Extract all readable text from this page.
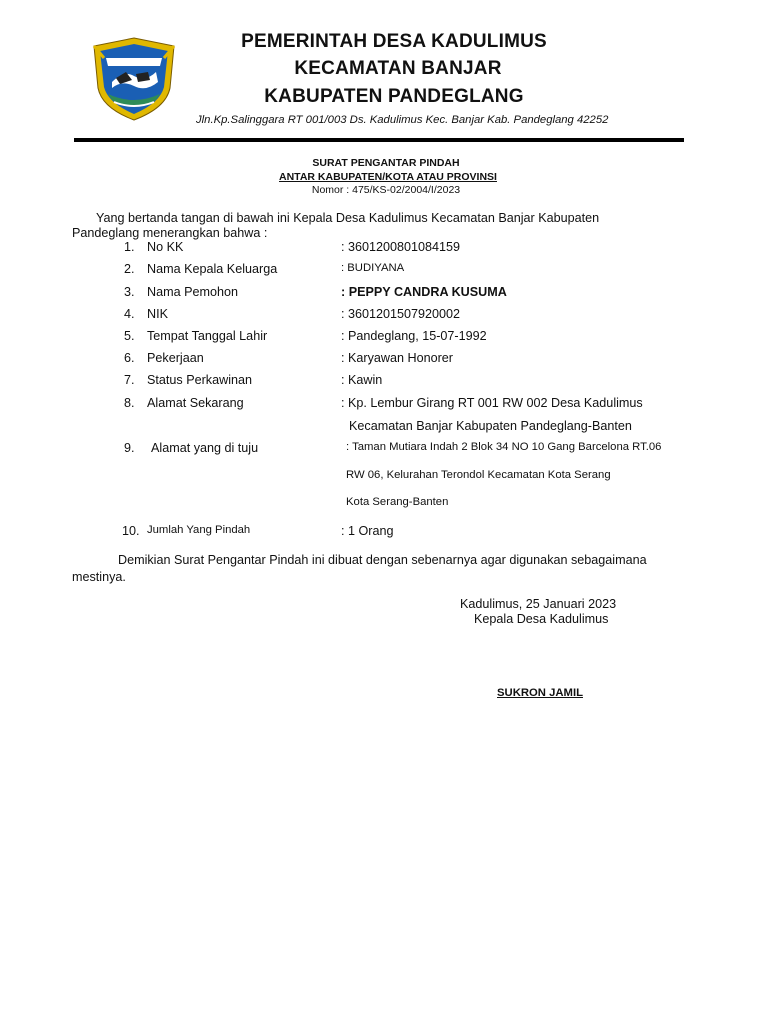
PEMERINTAH DESA KADULIMUS
KECAMATAN BANJAR
KABUPATEN PANDEGLANG
Jln.Kp.Salinggara RT 001/003 Ds. Kadulimus Kec. Banjar Kab. Pandeglang 42252
SURAT PENGANTAR PINDAH
ANTAR KABUPATEN/KOTA ATAU PROVINSI
Nomor : 475/KS-02/2004/I/2023
Yang bertanda tangan di bawah ini Kepala Desa Kadulimus Kecamatan Banjar Kabupaten
Pandeglang menerangkan bahwa :
1. No KK	: 3601200801084159
2. Nama Kepala Keluarga	: BUDIYANA
3. Nama Pemohon	: PEPPY CANDRA KUSUMA
4. NIK	: 3601201507920002
5. Tempat Tanggal Lahir	: Pandeglang, 15-07-1992
6. Pekerjaan	: Karyawan Honorer
7. Status Perkawinan	: Kawin
8. Alamat Sekarang	: Kp. Lembur Girang RT 001 RW 002 Desa Kadulimus
Kecamatan Banjar Kabupaten Pandeglang-Banten
9. Alamat yang di tuju	: Taman Mutiara Indah 2 Blok 34 NO 10 Gang Barcelona RT.06
RW 06, Kelurahan Terondol Kecamatan Kota Serang
Kota Serang-Banten
10. Jumlah Yang Pindah	: 1 Orang
Demikian Surat Pengantar Pindah ini dibuat dengan sebenarnya agar digunakan sebagaimana
mestinya.
Kadulimus, 25 Januari 2023
Kepala Desa Kadulimus
SUKRON JAMIL
